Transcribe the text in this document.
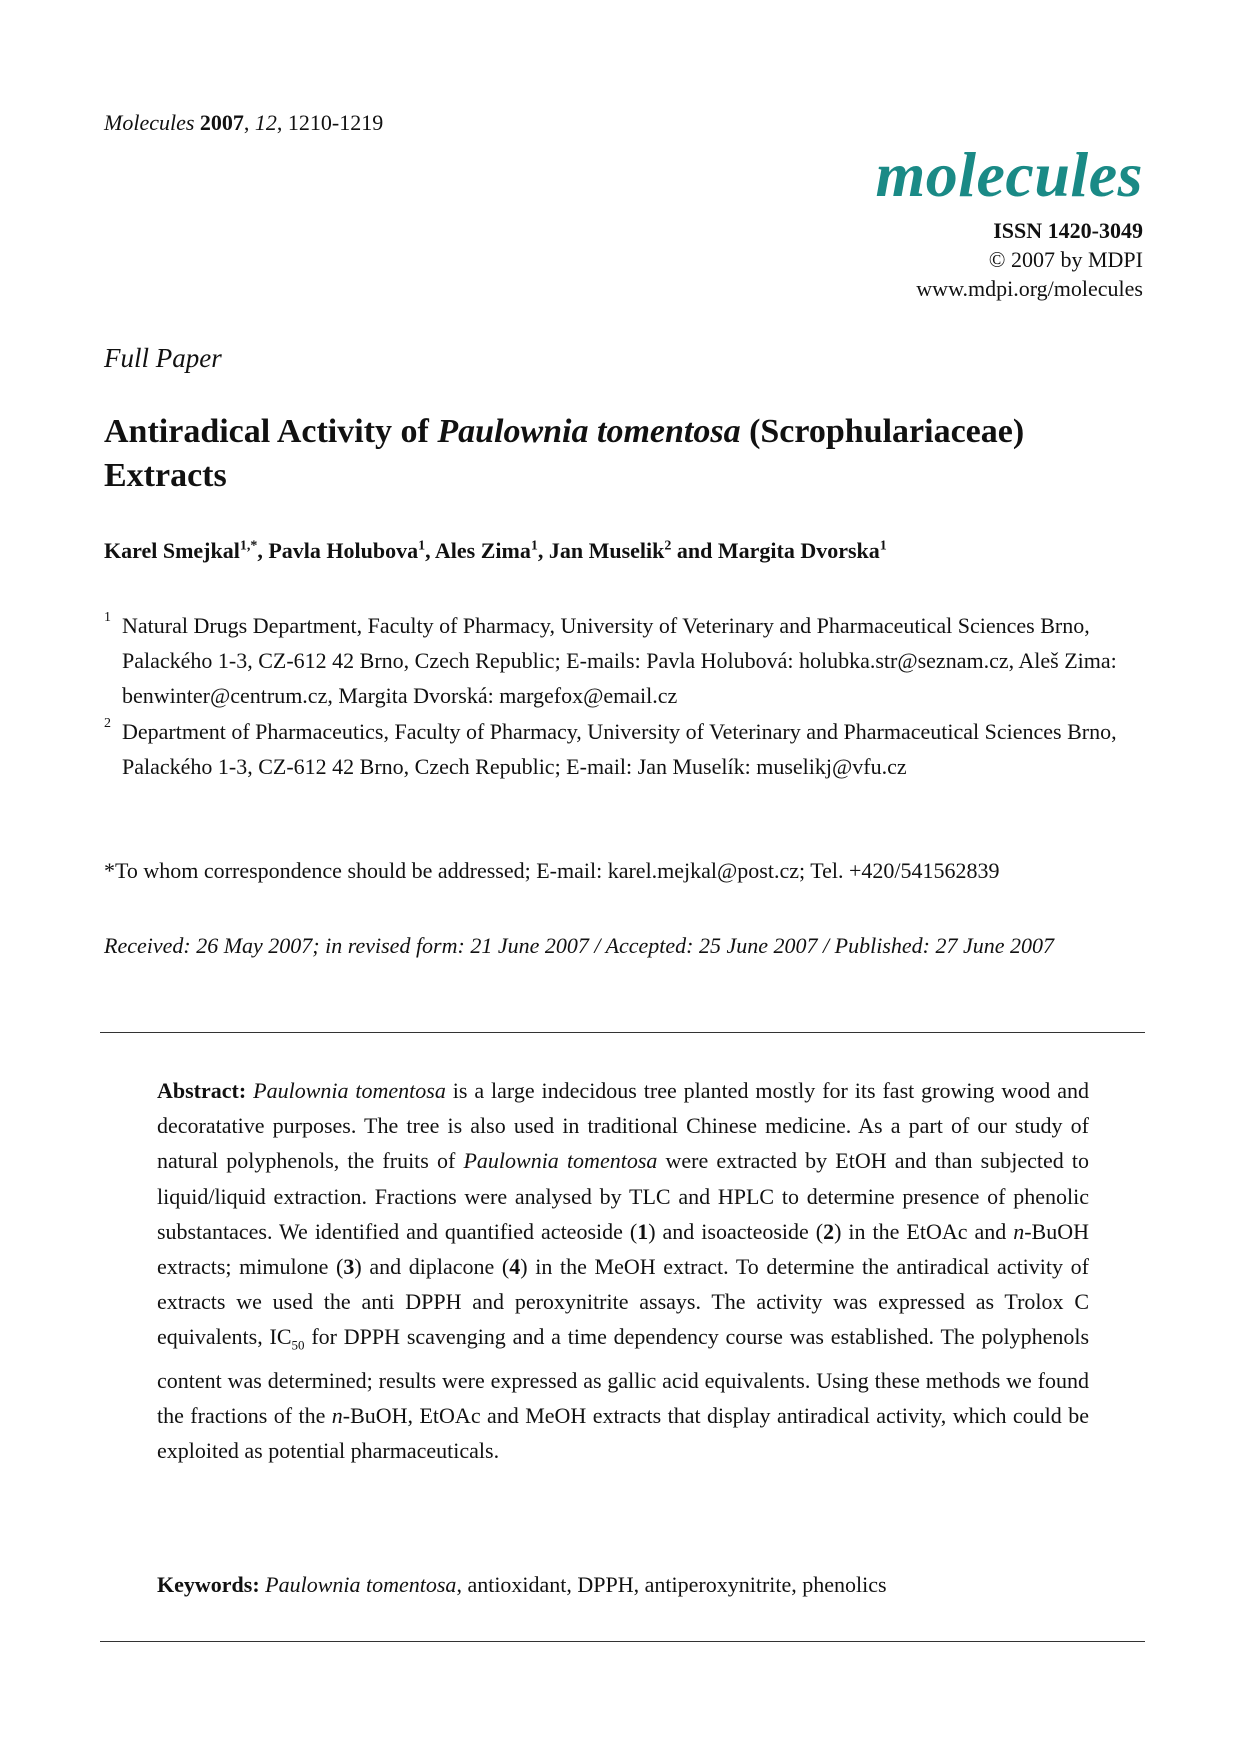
Molecules 2007, 12, 1210-1219
molecules
ISSN 1420-3049
© 2007 by MDPI
www.mdpi.org/molecules
Full Paper
Antiradical Activity of Paulownia tomentosa (Scrophulariaceae) Extracts
Karel Smejkal$^{1,*}$, Pavla Holubova$^1$, Ales Zima$^1$, Jan Muselik$^2$ and Margita Dvorska$^1$
1 Natural Drugs Department, Faculty of Pharmacy, University of Veterinary and Pharmaceutical Sciences Brno, Palackého 1-3, CZ-612 42 Brno, Czech Republic; E-mails: Pavla Holubová: holubka.str@seznam.cz, Aleš Zima: benwinter@centrum.cz, Margita Dvorská: margefox@email.cz
2 Department of Pharmaceutics, Faculty of Pharmacy, University of Veterinary and Pharmaceutical Sciences Brno, Palackého 1-3, CZ-612 42 Brno, Czech Republic; E-mail: Jan Muselík: muselikj@vfu.cz
*To whom correspondence should be addressed; E-mail: karel.mejkal@post.cz; Tel. +420/541562839
Received: 26 May 2007; in revised form: 21 June 2007 / Accepted: 25 June 2007 / Published: 27 June 2007
Abstract: Paulownia tomentosa is a large indecidous tree planted mostly for its fast growing wood and decoratative purposes. The tree is also used in traditional Chinese medicine. As a part of our study of natural polyphenols, the fruits of Paulownia tomentosa were extracted by EtOH and than subjected to liquid/liquid extraction. Fractions were analysed by TLC and HPLC to determine presence of phenolic substantaces. We identified and quantified acteoside (1) and isoacteoside (2) in the EtOAc and n-BuOH extracts; mimulone (3) and diplacone (4) in the MeOH extract. To determine the antiradical activity of extracts we used the anti DPPH and peroxynitrite assays. The activity was expressed as Trolox C equivalents, $IC_{50}$ for DPPH scavenging and a time dependency course was established. The polyphenols content was determined; results were expressed as gallic acid equivalents. Using these methods we found the fractions of the n-BuOH, EtOAc and MeOH extracts that display antiradical activity, which could be exploited as potential pharmaceuticals.
Keywords: Paulownia tomentosa, antioxidant, DPPH, antiperoxynitrite, phenolics
